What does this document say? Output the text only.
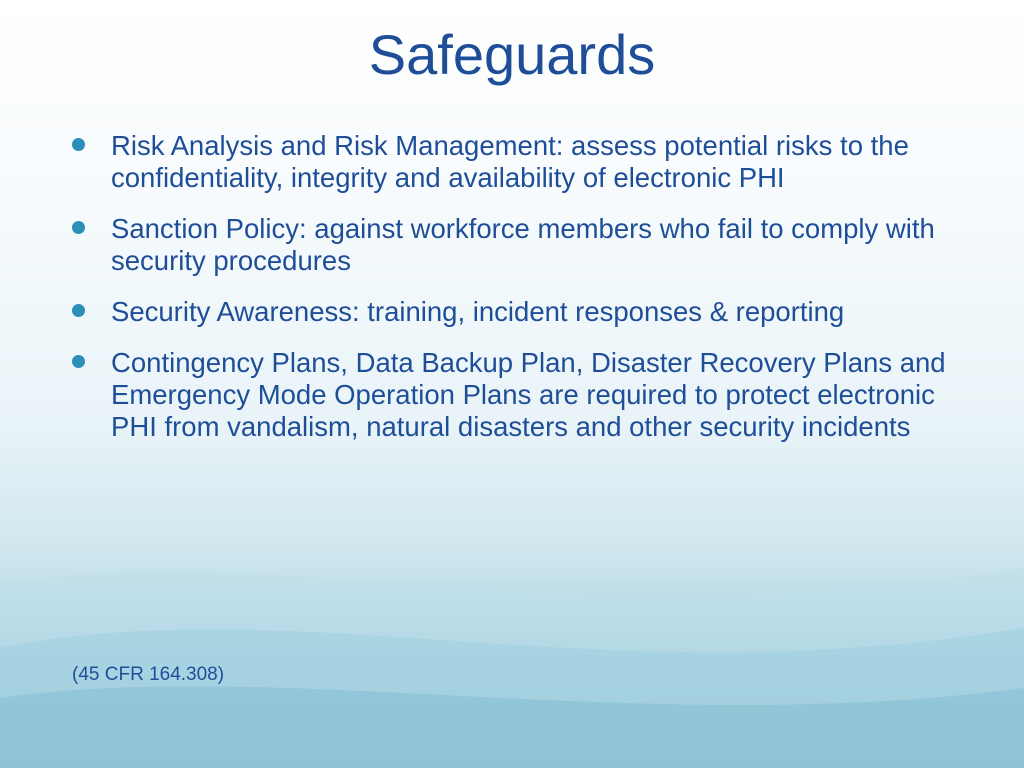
Safeguards
Risk Analysis and Risk Management: assess potential risks to the confidentiality, integrity and availability of electronic PHI
Sanction Policy: against workforce members who fail to comply with security procedures
Security Awareness: training, incident responses & reporting
Contingency Plans, Data Backup Plan, Disaster Recovery Plans and Emergency Mode Operation Plans are required to protect electronic PHI from vandalism, natural disasters and other security incidents
(45 CFR 164.308)
